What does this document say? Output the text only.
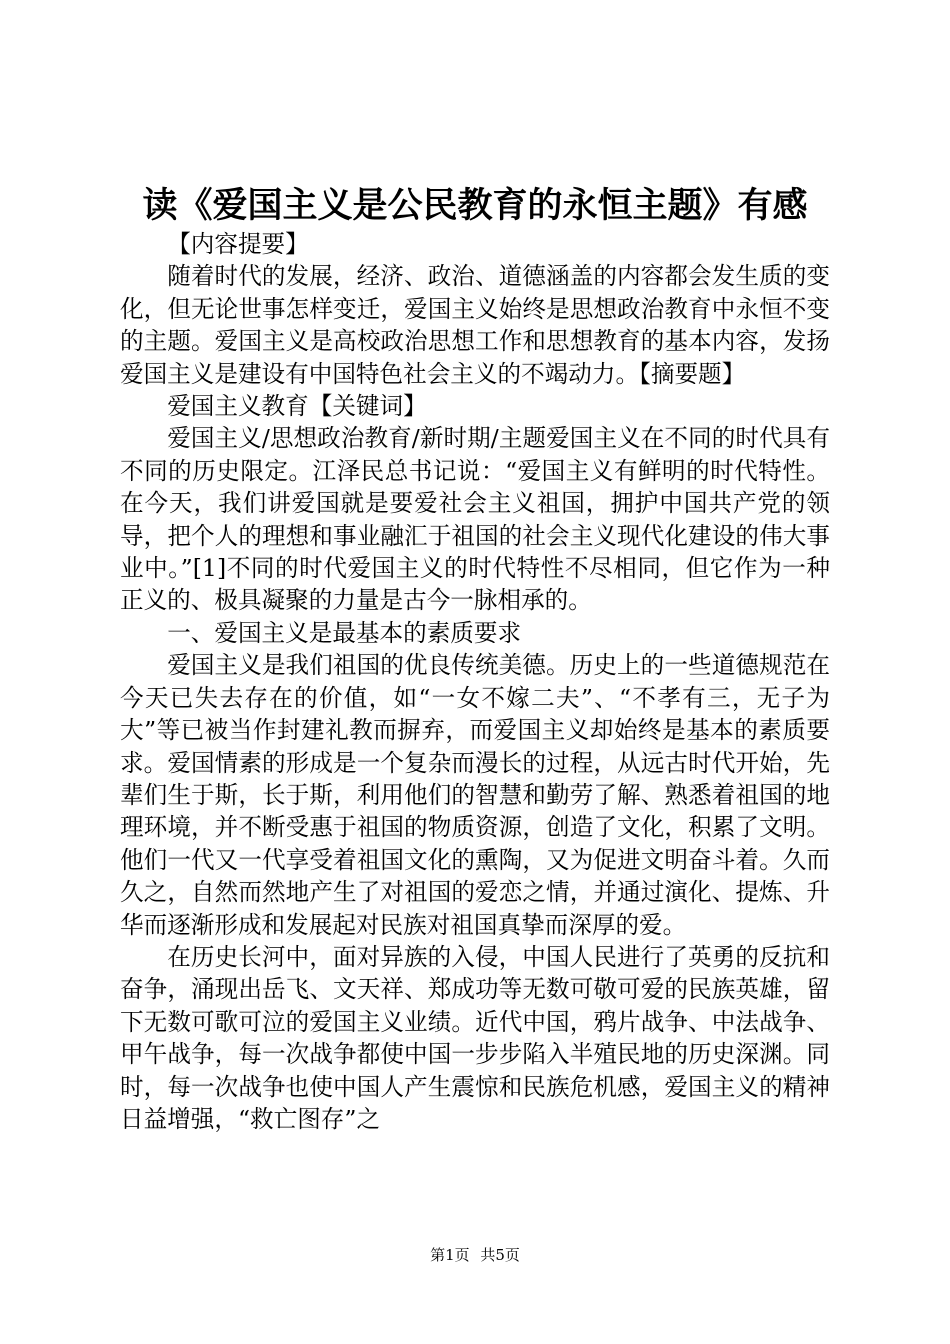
读《爱国主义是公民教育的永恒主题》有感

【内容提要】

随着时代的发展，经济、政治、道德涵盖的内容都会发生质的变化，但无论世事怎样变迁，爱国主义始终是思想政治教育中永恒不变的主题。爱国主义是高校政治思想工作和思想教育的基本内容，发扬爱国主义是建设有中国特色社会主义的不竭动力。【摘要题】

爱国主义教育【关键词】

爱国主义/思想政治教育/新时期/主题爱国主义在不同的时代具有不同的历史限定。江泽民总书记说：“爱国主义有鲜明的时代特性。在今天，我们讲爱国就是要爱社会主义祖国，拥护中国共产党的领导，把个人的理想和事业融汇于祖国的社会主义现代化建设的伟大事业中。”[1]不同的时代爱国主义的时代特性不尽相同，但它作为一种正义的、极具凝聚的力量是古今一脉相承的。

一、爱国主义是最基本的素质要求

爱国主义是我们祖国的优良传统美德。历史上的一些道德规范在今天已失去存在的价值，如“一女不嫁二夫”、“不孝有三，无子为大”等已被当作封建礼教而摒弃，而爱国主义却始终是基本的素质要求。爱国情素的形成是一个复杂而漫长的过程，从远古时代开始，先辈们生于斯，长于斯，利用他们的智慧和勤劳了解、熟悉着祖国的地理环境，并不断受惠于祖国的物质资源，创造了文化，积累了文明。他们一代又一代享受着祖国文化的熏陶，又为促进文明奋斗着。久而久之，自然而然地产生了对祖国的爱恋之情，并通过演化、提炼、升华而逐渐形成和发展起对民族对祖国真挚而深厚的爱。

在历史长河中，面对异族的入侵，中国人民进行了英勇的反抗和奋争，涌现出岳飞、文天祥、郑成功等无数可敬可爱的民族英雄，留下无数可歌可泣的爱国主义业绩。近代中国，鸦片战争、中法战争、甲午战争，每一次战争都使中国一步步陷入半殖民地的历史深渊。同时，每一次战争也使中国人产生震惊和民族危机感，爱国主义的精神日益增强，“救亡图存”之

第1页 共5页
